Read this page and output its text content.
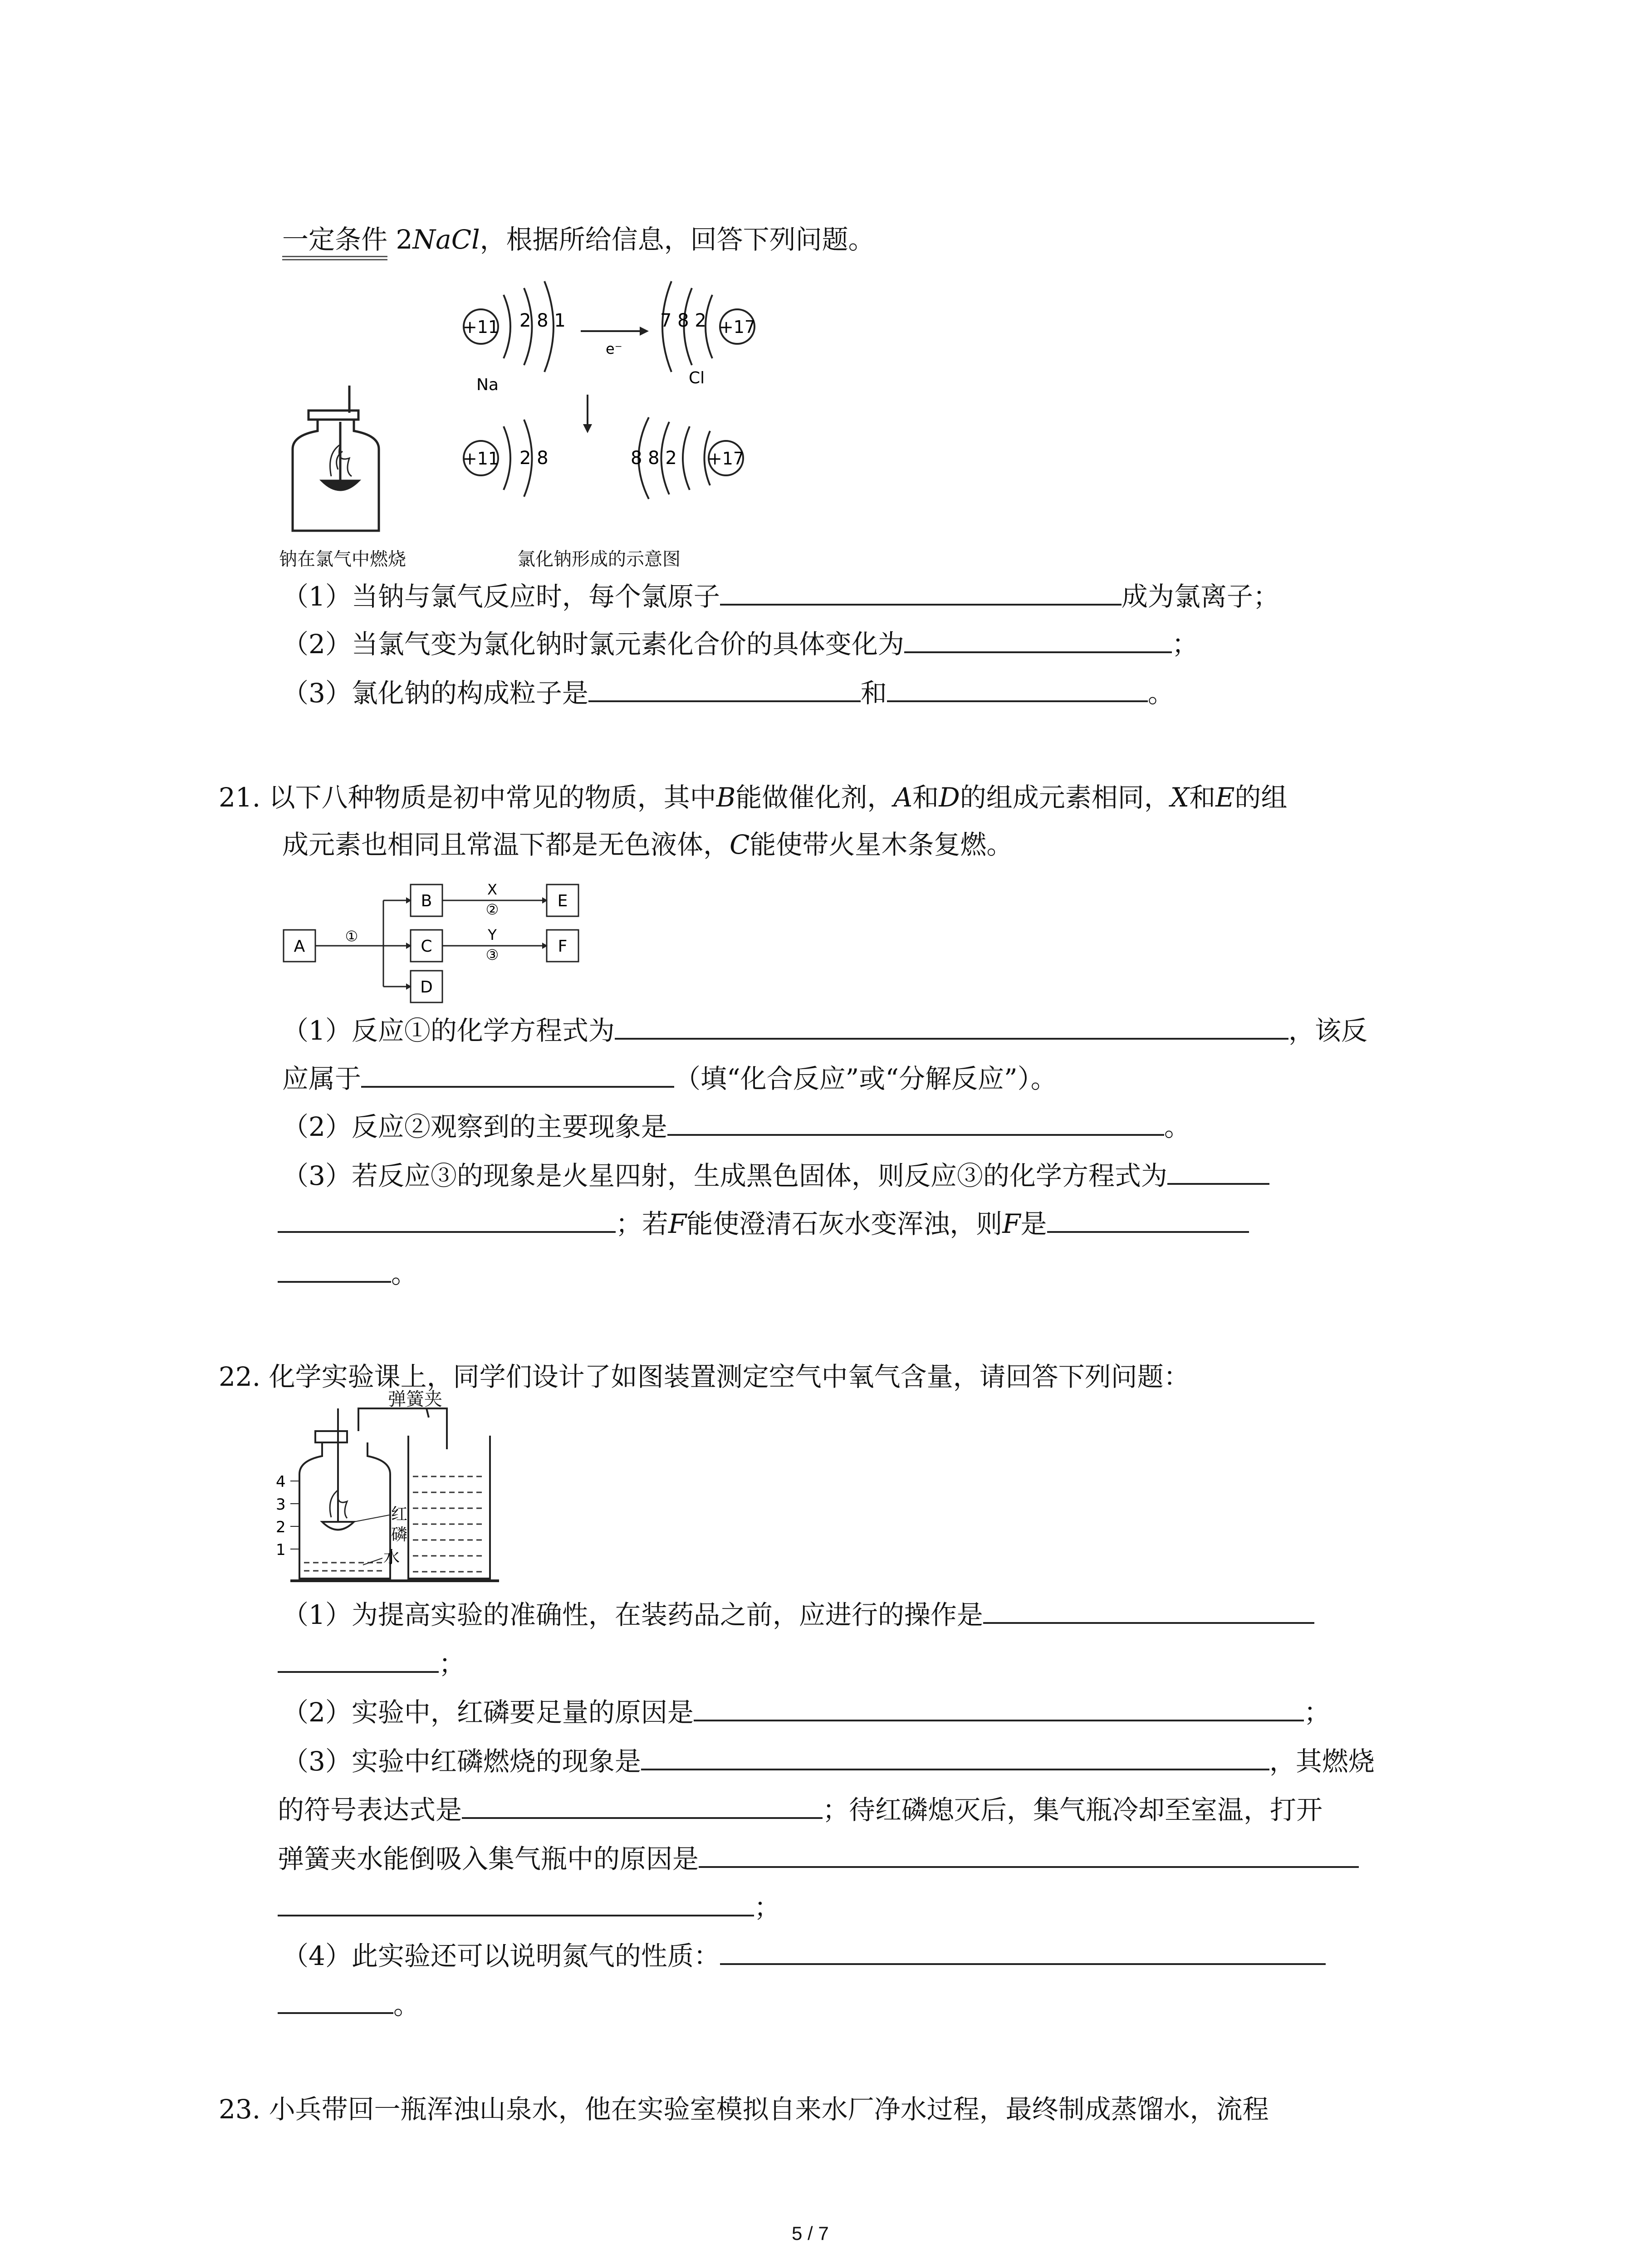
一定条件 2NaCl，根据所给信息，回答下列问题。
+11 2 8 1
e⁻
7 8 2 +17
Na	Cl
+11 2 8	8 8 2 +17
钠在氯气中燃烧	氯化钠形成的示意图
（1）当钠与氯气反应时，每个氯原子	成为氯离子；
（2）当氯气变为氯化钠时氯元素化合价的具体变化为	；
（3）氯化钠的构成粒子是	和	。
21. 以下八种物质是初中常见的物质，其中B能做催化剂，A和D的组成元素相同，X和E的组
成元素也相同且常温下都是无色液体，C能使带火星木条复燃。
A
B
C
D
E
F
①
X
②
Y
③
（1）反应①的化学方程式为	，该反
应属于	（填“化合反应”或“分解反应”）。
（2）反应②观察到的主要现象是	。
（3）若反应③的现象是火星四射，生成黑色固体，则反应③的化学方程式为
；若F能使澄清石灰水变浑浊，则F是
。
22. 化学实验课上，同学们设计了如图装置测定空气中氧气含量，请回答下列问题：
4
3
2
1
红
磷
水
弹簧夹
（1）为提高实验的准确性，在装药品之前，应进行的操作是
；
（2）实验中，红磷要足量的原因是	；
（3）实验中红磷燃烧的现象是	，其燃烧
的符号表达式是	；待红磷熄灭后，集气瓶冷却至室温，打开
弹簧夹水能倒吸入集气瓶中的原因是
；
（4）此实验还可以说明氮气的性质：
。
23. 小兵带回一瓶浑浊山泉水，他在实验室模拟自来水厂净水过程，最终制成蒸馏水，流程
5 / 7
